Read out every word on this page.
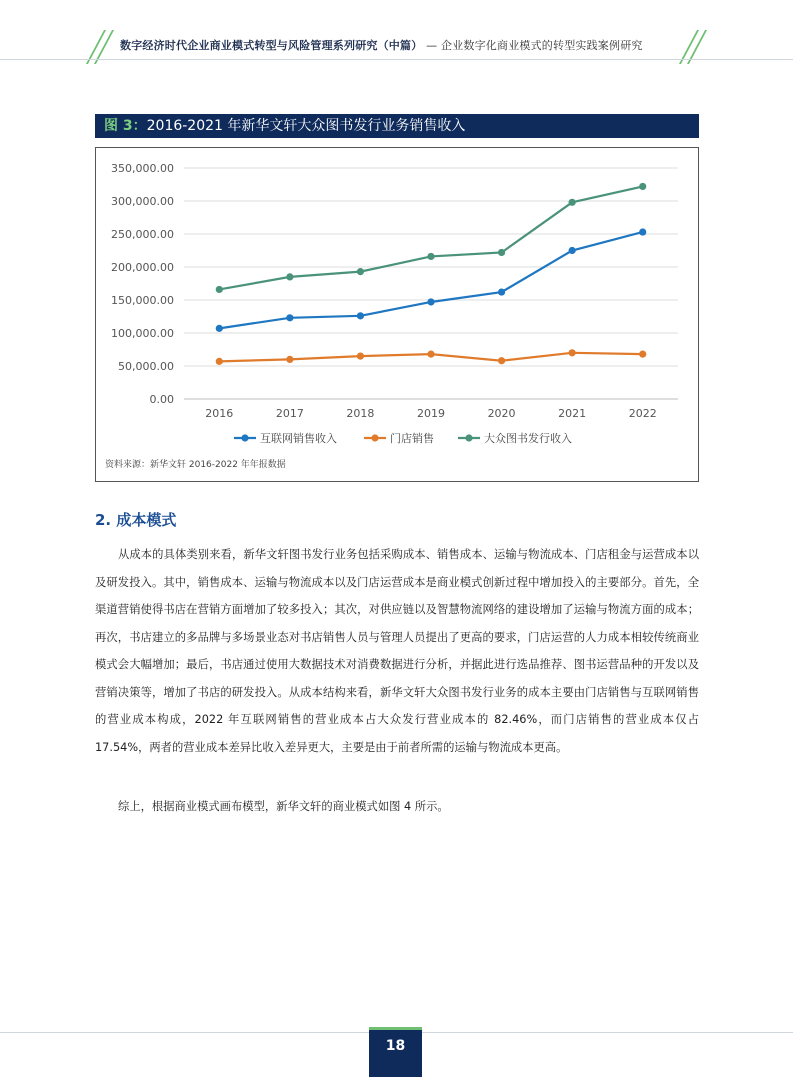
数字经济时代企业商业模式转型与风险管理系列研究（中篇） — 企业数字化商业模式的转型实践案例研究
图 3：2016-2021 年新华文轩大众图书发行业务销售收入
0.00
50,000.00
100,000.00
150,000.00
200,000.00
250,000.00
300,000.00
350,000.00
2016	2017	2018	2019	2020	2021	2022
互联网销售收入	门店销售	大众图书发行收入
资料来源：新华文轩 2016-2022 年年报数据
2. 成本模式
从成本的具体类别来看，新华文轩图书发行业务包括采购成本、销售成本、运输与物流成本、门店租金与运营成本以及研发投入。其中，销售成本、运输与物流成本以及门店运营成本是商业模式创新过程中增加投入的主要部分。首先，全渠道营销使得书店在营销方面增加了较多投入；其次，对供应链以及智慧物流网络的建设增加了运输与物流方面的成本；再次，书店建立的多品牌与多场景业态对书店销售人员与管理人员提出了更高的要求，门店运营的人力成本相较传统商业模式会大幅增加；最后，书店通过使用大数据技术对消费数据进行分析，并据此进行选品推荐、图书运营品种的开发以及营销决策等，增加了书店的研发投入。从成本结构来看，新华文轩大众图书发行业务的成本主要由门店销售与互联网销售的营业成本构成，2022 年互联网销售的营业成本占大众发行营业成本的 82.46%，而门店销售的营业成本仅占 17.54%，两者的营业成本差异比收入差异更大，主要是由于前者所需的运输与物流成本更高。
综上，根据商业模式画布模型，新华文轩的商业模式如图 4 所示。
18
